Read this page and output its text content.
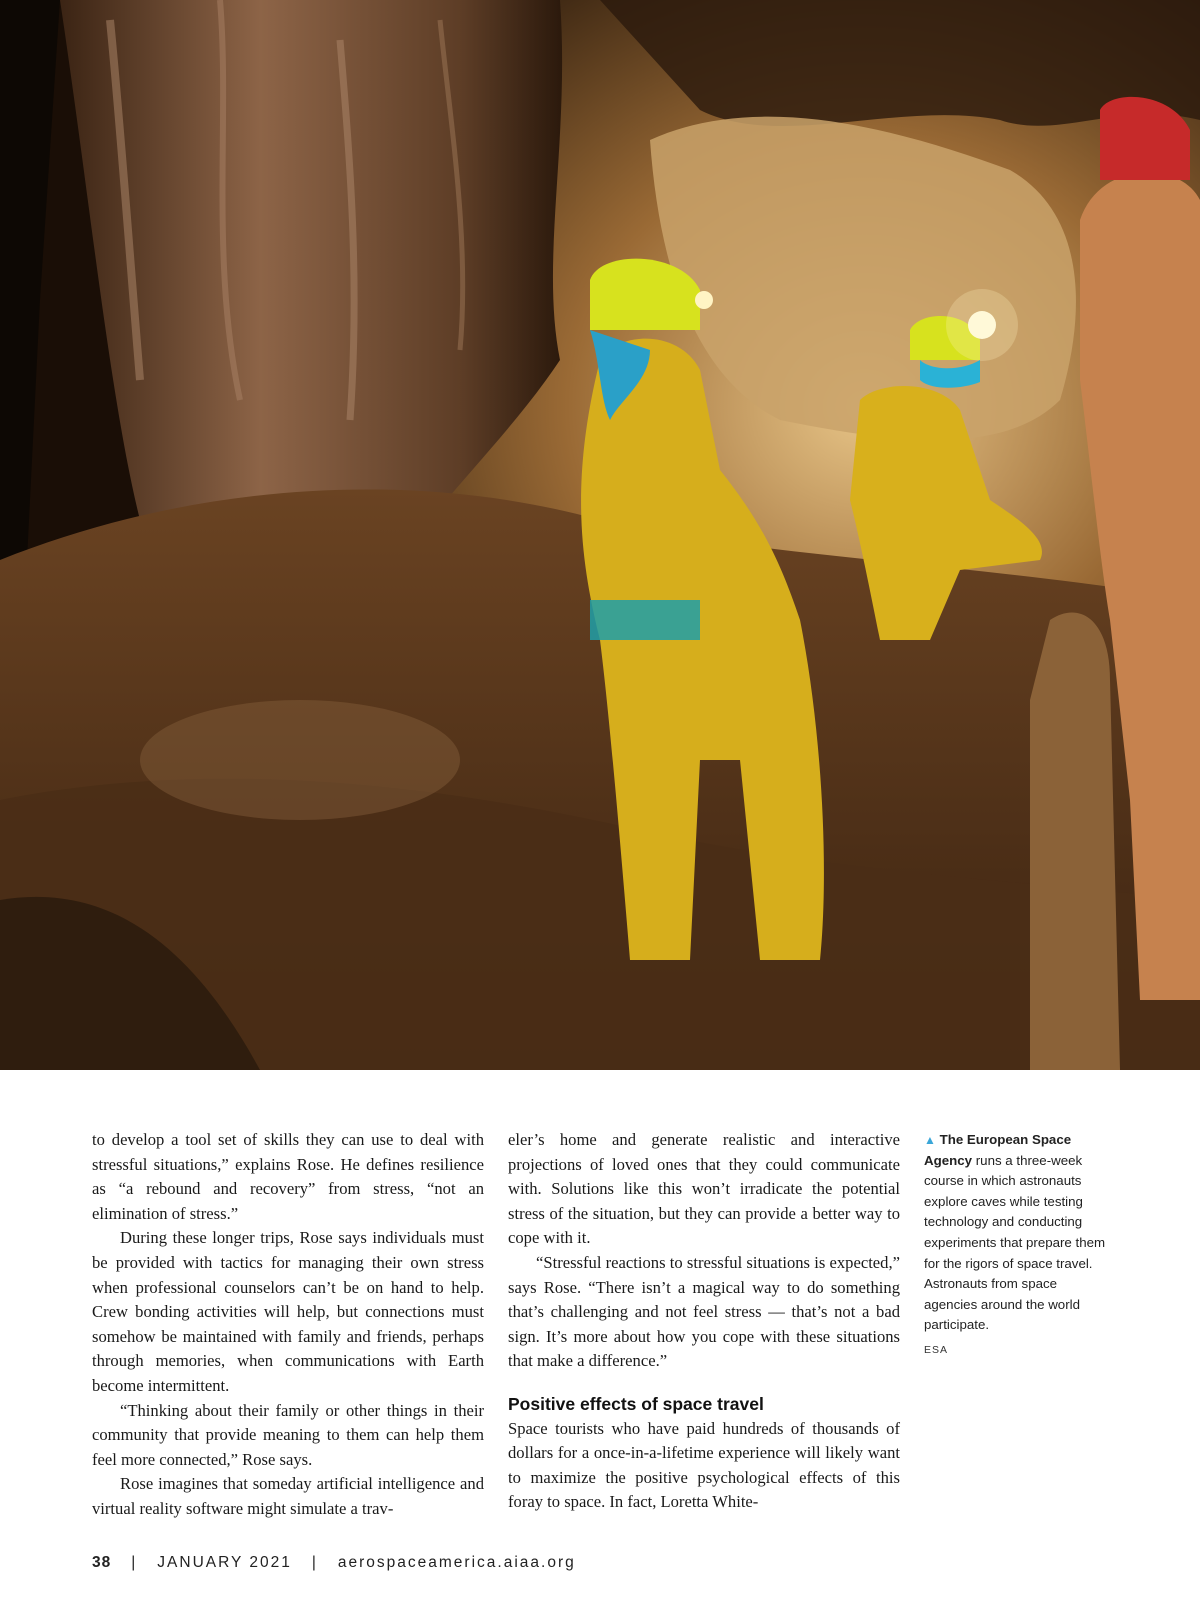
to develop a tool set of skills they can use to deal with stressful situations,” explains Rose. He defines resilience as “a rebound and recovery” from stress, “not an elimination of stress.”

During these longer trips, Rose says individuals must be provided with tactics for managing their own stress when professional counselors can’t be on hand to help. Crew bonding activities will help, but connections must somehow be maintained with family and friends, perhaps through memories, when communications with Earth become intermittent.

“Thinking about their family or other things in their community that provide meaning to them can help them feel more connected,” Rose says.

Rose imagines that someday artificial intelligence and virtual reality software might simulate a trav-

eler’s home and generate realistic and interactive projections of loved ones that they could communicate with. Solutions like this won’t irradicate the potential stress of the situation, but they can provide a better way to cope with it.

“Stressful reactions to stressful situations is expected,” says Rose. “There isn’t a magical way to do something that’s challenging and not feel stress — that’s not a bad sign. It’s more about how you cope with these situations that make a difference.”

Positive effects of space travel

Space tourists who have paid hundreds of thousands of dollars for a once-in-a-lifetime experience will likely want to maximize the positive psychological effects of this foray to space. In fact, Loretta White-

▲ The European Space Agency runs a three-week course in which astronauts explore caves while testing technology and conducting experiments that prepare them for the rigors of space travel. Astronauts from space agencies around the world participate.
ESA
38 | JANUARY 2021 | aerospaceamerica.aiaa.org
